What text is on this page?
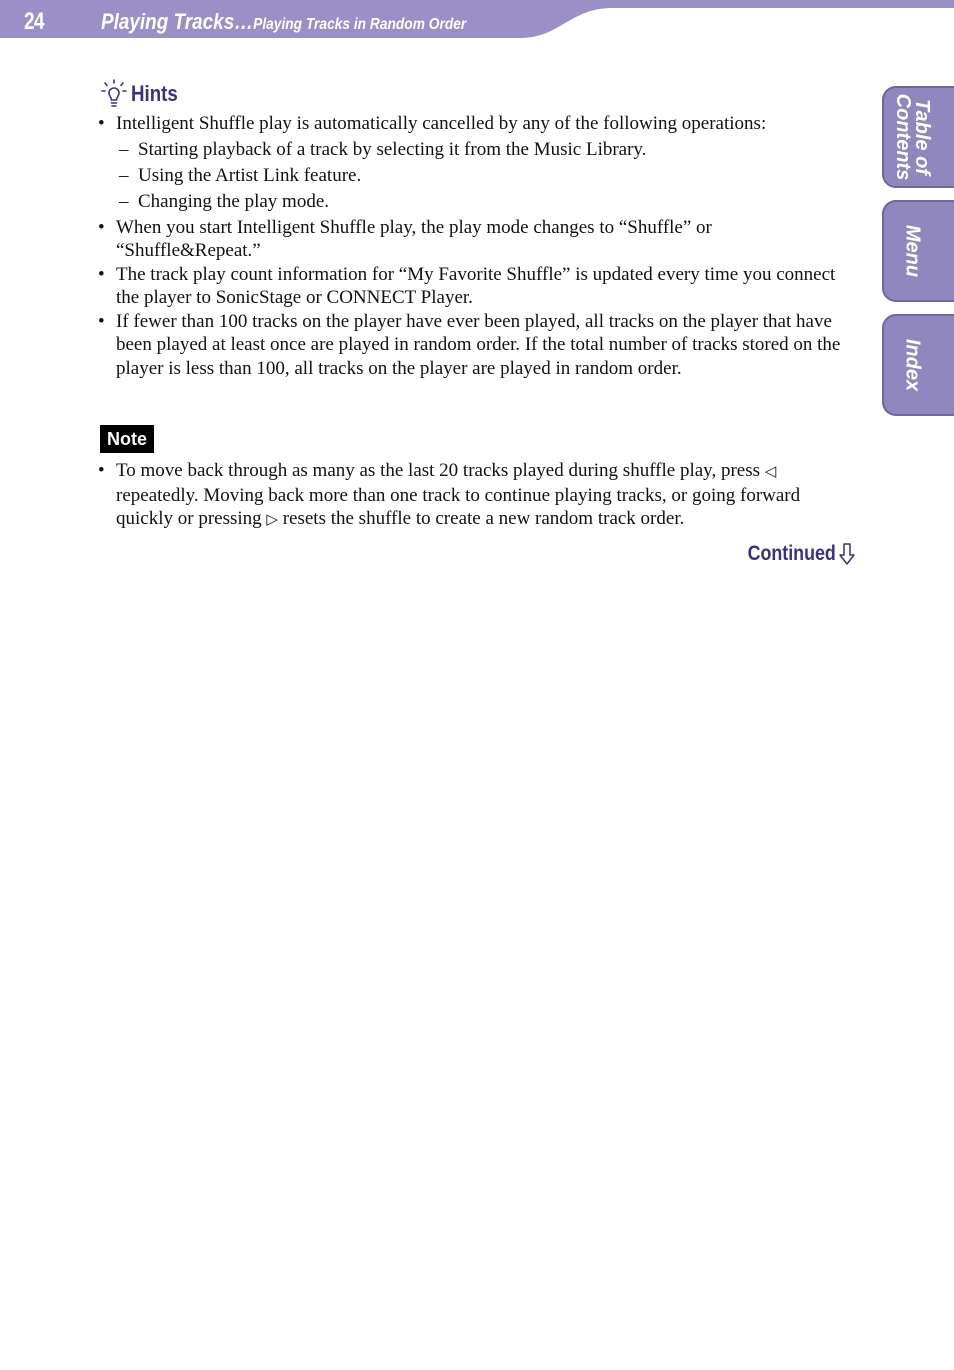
24	Playing Tracks…Playing Tracks in Random Order
Table of
Contents
Menu
Index
Hints
• Intelligent Shuffle play is automatically cancelled by any of the following operations:
– Starting playback of a track by selecting it from the Music Library.
– Using the Artist Link feature.
– Changing the play mode.
• When you start Intelligent Shuffle play, the play mode changes to “Shuffle” or “Shuffle&Repeat.”
• The track play count information for “My Favorite Shuffle” is updated every time you connect the player to SonicStage or CONNECT Player.
• If fewer than 100 tracks on the player have ever been played, all tracks on the player that have been played at least once are played in random order. If the total number of tracks stored on the player is less than 100, all tracks on the player are played in random order.
Note
• To move back through as many as the last 20 tracks played during shuffle play, press ◁ repeatedly. Moving back more than one track to continue playing tracks, or going forward quickly or pressing ▷ resets the shuffle to create a new random track order.
Continued
